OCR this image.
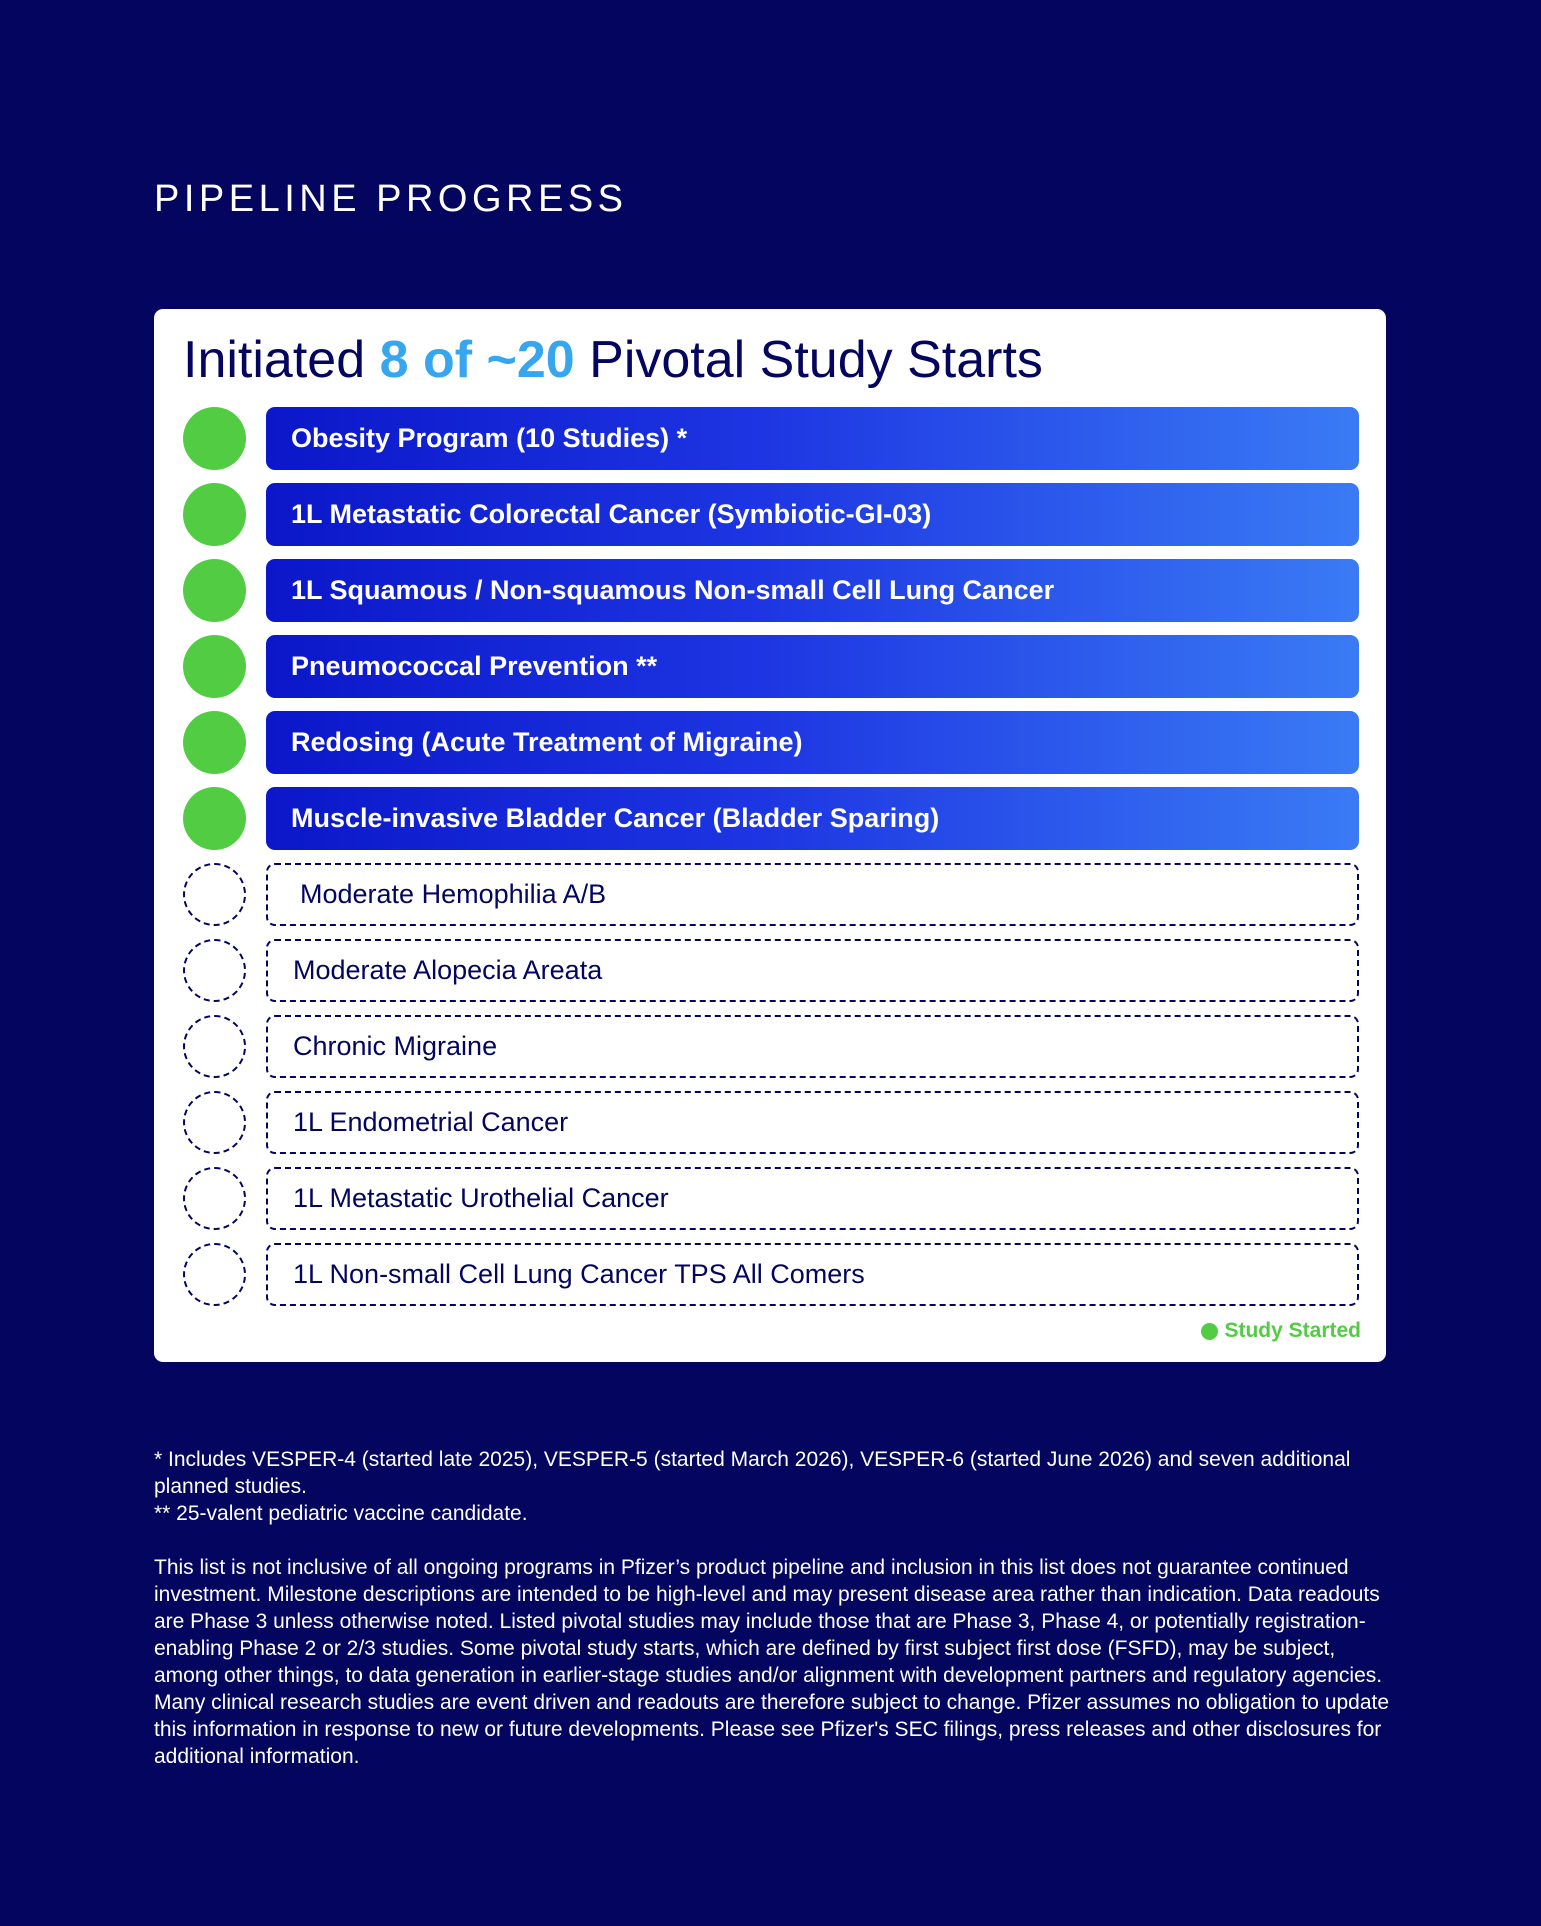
PIPELINE PROGRESS
Initiated 8 of ~20 Pivotal Study Starts
Obesity Program (10 Studies) *
1L Metastatic Colorectal Cancer (Symbiotic-GI-03)
1L Squamous / Non-squamous Non-small Cell Lung Cancer
Pneumococcal Prevention **
Redosing (Acute Treatment of Migraine)
Muscle-invasive Bladder Cancer (Bladder Sparing)
Moderate Hemophilia A/B
Moderate Alopecia Areata
Chronic Migraine
1L Endometrial Cancer
1L Metastatic Urothelial Cancer
1L Non-small Cell Lung Cancer TPS All Comers
Study Started

* Includes VESPER-4 (started late 2025), VESPER-5 (started March 2026), VESPER-6 (started June 2026) and seven additional planned studies.

** 25-valent pediatric vaccine candidate.

This list is not inclusive of all ongoing programs in Pfizer’s product pipeline and inclusion in this list does not guarantee continued investment. Milestone descriptions are intended to be high-level and may present disease area rather than indication. Data readouts are Phase 3 unless otherwise noted. Listed pivotal studies may include those that are Phase 3, Phase 4, or potentially registration-enabling Phase 2 or 2/3 studies. Some pivotal study starts, which are defined by first subject first dose (FSFD), may be subject, among other things, to data generation in earlier-stage studies and/or alignment with development partners and regulatory agencies. Many clinical research studies are event driven and readouts are therefore subject to change. Pfizer assumes no obligation to update this information in response to new or future developments. Please see Pfizer's SEC filings, press releases and other disclosures for additional information.
